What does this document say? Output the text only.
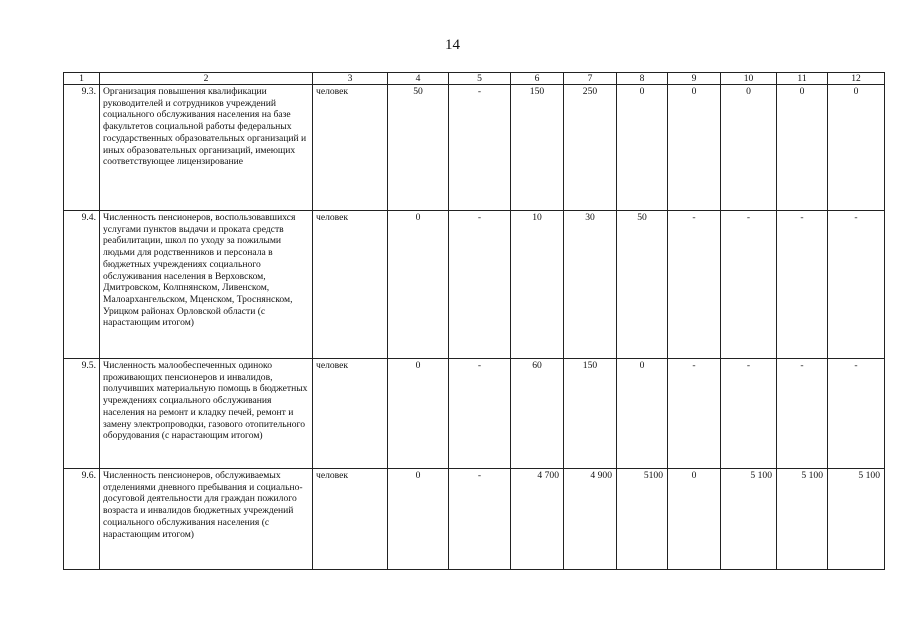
14
1	2	3	4	5	6	7	8	9	10	11	12
9.3.	Организация повышения квалификации руководителей и сотрудников учреждений социального обслуживания населения на базе факультетов социальной работы федеральных государственных образовательных организаций и иных образовательных организаций, имеющих соответствующее лицензирование	человек	50	-	150	250	0	0	0	0	0
9.4.	Численность пенсионеров, воспользовавшихся услугами пунктов выдачи и проката средств реабилитации, школ по уходу за пожилыми людьми для родственников и персонала в бюджетных учреждениях социального обслуживания населения в Верховском, Дмитровском, Колпнянском, Ливенском, Малоархангельском, Мценском, Троснянском, Урицком районах Орловской области (с нарастающим итогом)	человек	0	-	10	30	50	-	-	-	-
9.5.	Численность малообеспеченных одиноко проживающих пенсионеров и инвалидов, получивших материальную помощь в бюджетных учреждениях социального обслуживания населения на ремонт и кладку печей, ремонт и замену электропроводки, газового отопительного оборудования (с нарастающим итогом)	человек	0	-	60	150	0	-	-	-	-
9.6.	Численность пенсионеров, обслуживаемых отделениями дневного пребывания и социально-досуговой деятельности для граждан пожилого возраста и инвалидов бюджетных учреждений социального обслуживания населения (с нарастающим итогом)	человек	0	-	4 700	4 900	5100	0	5 100	5 100	5 100
